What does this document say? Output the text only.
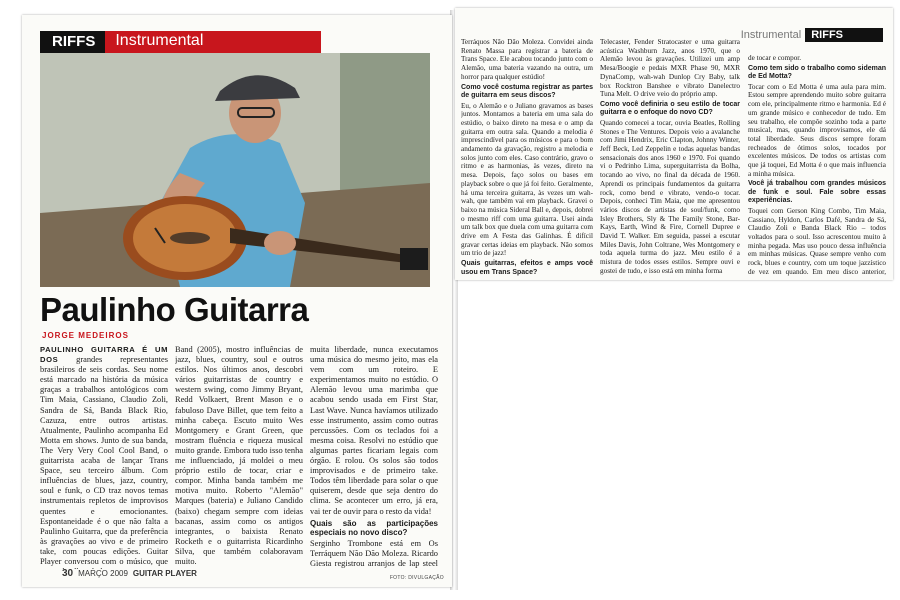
RIFFS	Instrumental
Paulinho Guitarra
JORGE MEDEIROS

PAULINHO GUITARRA É UM DOS grandes representantes brasileiros de seis cordas. Seu nome está marcado na história da música graças a trabalhos antológicos com Tim Maia, Cassiano, Claudio Zoli, Sandra de Sá, Banda Black Rio, Cazuza, entre outros artistas. Atualmente, Paulinho acompanha Ed Motta em shows. Junto de sua banda, The Very Very Cool Cool Band, o guitarrista acaba de lançar Trans Space, seu terceiro álbum. Com influências de blues, jazz, country, soul e funk, o CD traz novos temas instrumentais repletos de improvisos quentes e emocionantes. Espontaneidade é o que não falta a Paulinho Guitarra, que da preferência às gravações ao vivo e de primeiro take, com poucas edições. Guitar Player conversou com o músico, que

Band (2005), mostro influências de jazz, blues, country, soul e outros estilos. Nos últimos anos, descobri vários guitarristas de country e western swing, como Jimmy Bryant, Redd Volkaert, Brent Mason e o fabuloso Dave Billet, que tem feito a minha cabeça. Escuto muito Wes Montgomery e Grant Green, que mostram fluência e riqueza musical muito grande. Embora tudo isso tenha me influenciado, já moldei o meu próprio estilo de tocar, criar e compor. Minha banda também me motiva muito. Roberto "Alemão" Marques (bateria) e Juliano Candido (baixo) chegam sempre com ideias bacanas, assim como os antigos integrantes, o baixista Renato Rocketh e o guitarrista Ricardinho Silva, que também colaboravam muito.

muita liberdade, nunca executamos uma música do mesmo jeito, mas ela vem com um roteiro. E experimentamos muito no estúdio. O Alemão levou uma marimba que acabou sendo usada em First Star, Last Wave. Nunca havíamos utilizado esse instrumento, assim como outras percussões. Com os teclados foi a mesma coisa. Resolvi no estúdio que algumas partes ficariam legais com órgão. E rolou. Os solos são todos improvisados e de primeiro take. Todos têm liberdade para solar o que quiserem, desde que seja dentro do clima. Se acontecer um erro, já era, vai ter de ouvir para o resto da vida!

Quais são as participações especiais no novo disco?

Serginho Trombone está em Os Terráquem Não Dão Moleza. Ricardo Giesta registrou arranjos de lap steel

30 MARÇO 2009 GUITAR PLAYER	FOTO: DIVULGAÇÃO
Instrumental RIFFS

Terráquos Não Dão Moleza. Convidei ainda Renato Massa para registrar a bateria de Trans Space. Ele acabou tocando junto com o Alemão, uma bateria vazando na outra, um horror para qualquer estúdio!

Como você costuma registrar as partes de guitarra em seus discos?

Eu, o Alemão e o Juliano gravamos as bases juntos. Montamos a bateria em uma sala do estúdio, o baixo direto na mesa e o amp da guitarra em outra sala. Quando a melodia é imprescindível para os músicos e para o bom andamento da gravação, registro a melodia e solos junto com eles. Caso contrário, gravo o ritmo e as harmonias, às vezes, direto na mesa. Depois, faço solos ou bases em playback sobre o que já foi feito. Geralmente, há uma terceira guitarra, às vezes um wah-wah, que também vai em playback. Gravei o baixo na música Sideral Ball e, depois, dobrei o mesmo riff com uma guitarra. Usei ainda um talk box que duela com uma guitarra com drive em A Festa das Galinhas. É difícil gravar certas ideias em playback. Não somos um trio de jazz!

Quais guitarras, efeitos e amps você usou em Trans Space?

Telecaster, Fender Stratocaster e uma guitarra acústica Washburn Jazz, anos 1970, que o Alemão levou às gravações. Utilizei um amp Mesa/Boogie e pedais MXR Phase 90, MXR DynaComp, wah-wah Dunlop Cry Baby, talk box Rocktron Banshee e vibrato Danelectro Tuna Melt. O drive veio do próprio amp.

Como você definiria o seu estilo de tocar guitarra e o enfoque do novo CD?

Quando comecei a tocar, ouvia Beatles, Rolling Stones e The Ventures. Depois veio a avalanche com Jimi Hendrix, Eric Clapton, Johnny Winter, Jeff Beck, Led Zeppelin e todas aquelas bandas sensacionais dos anos 1960 e 1970. Foi quando vi o Pedrinho Lima, superguitarrista da Bolha, tocando ao vivo, no final da década de 1960. Aprendi os principais fundamentos da guitarra rock, como bend e vibrato, vendo-o tocar. Depois, conheci Tim Maia, que me apresentou vários discos de artistas de soul/funk, como Isley Brothers, Sly & The Family Stone, Bar-Kays, Earth, Wind & Fire, Cornell Dupree e David T. Walker. Em seguida, passei a escutar Miles Davis, John Coltrane, Wes Montgomery e toda aquela turma do jazz. Meu estilo é a mistura de todos esses estilos. Sempre ouvi e gostei de tudo, e isso está em minha forma

de tocar e compor.

Como tem sido o trabalho como sideman de Ed Motta?

Tocar com o Ed Motta é uma aula para mim. Estou sempre aprendendo muito sobre guitarra com ele, principalmente ritmo e harmonia. Ed é um grande músico e conhecedor de tudo. Em seu trabalho, ele compõe sozinho toda a parte musical, mas, quando improvisamos, ele dá total liberdade. Seus discos sempre foram recheados de ótimos solos, tocados por excelentes músicos. De todos os artistas com que já toquei, Ed Motta é o que mais influencia a minha música.

Você já trabalhou com grandes músicos de funk e soul. Fale sobre essas experiências.

Toquei com Gerson King Combo, Tim Maia, Cassiano, Hyldon, Carlos Dafé, Sandra de Sá, Claudio Zoli e Banda Black Rio – todos voltados para o soul. Isso acrescentou muito à minha pegada. Mas uso pouco dessa influência em minhas músicas. Quase sempre venho com rock, blues e country, com um toque jazzístico de vez em quando. Em meu disco anterior,
